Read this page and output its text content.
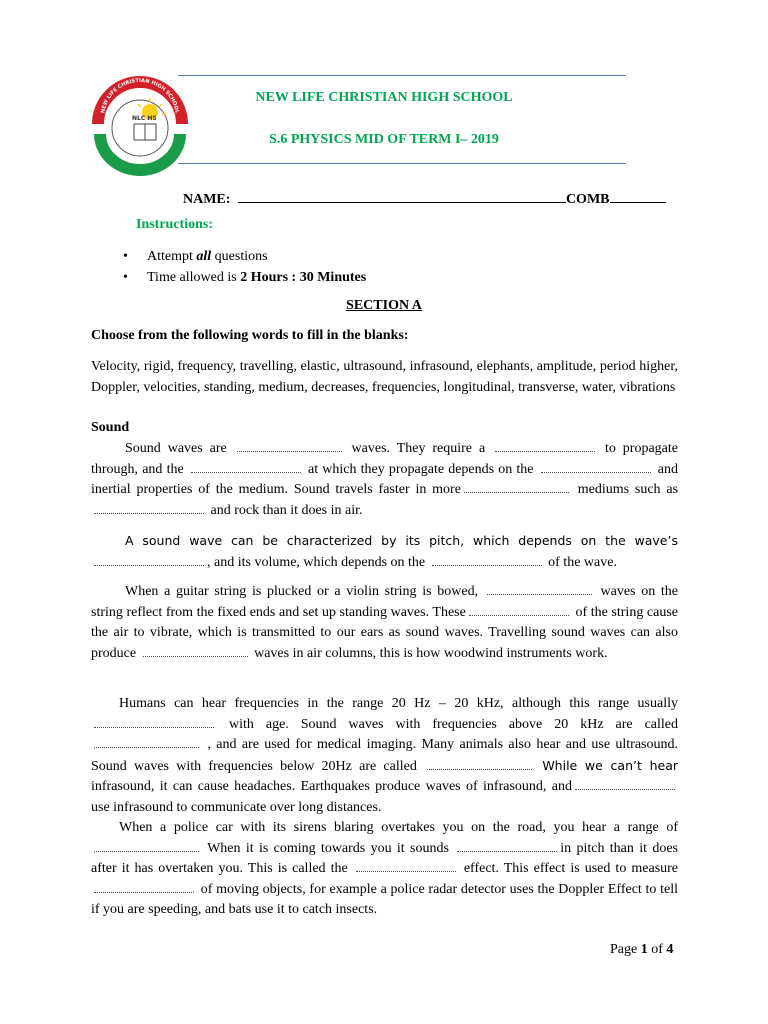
NLC HS
NEW LIFE CHRISTIAN HIGH SCHOOL
STRIVE FOR EXCELLENCE
NEW LIFE CHRISTIAN HIGH SCHOOL
S.6 PHYSICS MID OF TERM I– 2019
NAME:	COMB
Instructions:
• Attempt all questions
• Time allowed is 2 Hours : 30 Minutes
SECTION A
Choose from the following words to fill in the blanks:
Velocity, rigid, frequency, travelling, elastic, ultrasound, infrasound, elephants, amplitude, period higher, Doppler, velocities, standing, medium, decreases, frequencies, longitudinal, transverse, water, vibrations
Sound
Sound waves are	waves. They require a	to propagate through, and the	at which they propagate depends on the	and inertial properties of the medium. Sound travels faster in more	mediums such as  and rock than it does in air.
A sound wave can be characterized by its pitch, which depends on the wave’s , and its volume, which depends on the	of the wave.
When a guitar string is plucked or a violin string is bowed,	waves on the string reflect from the fixed ends and set up standing waves. These	of the string cause the air to vibrate, which is transmitted to our ears as sound waves. Travelling sound waves can also produce	waves in air columns, this is how woodwind instruments work.
Humans can hear frequencies in the range 20 Hz – 20 kHz, although this range usually  with age. Sound waves with frequencies above 20 kHz are called  , and are used for medical imaging. Many animals also hear and use ultrasound. Sound waves with frequencies below 20Hz are called	While we can’t hear infrasound, it can cause headaches. Earthquakes produce waves of infrasound, and use infrasound to communicate over long distances.
When a police car with its sirens blaring overtakes you on the road, you hear a range of  When it is coming towards you it sounds	in pitch than it does after it has overtaken you. This is called the	effect. This effect is used to measure  of moving objects, for example a police radar detector uses the Doppler Effect to tell if you are speeding, and bats use it to catch insects.
Page 1 of 4
